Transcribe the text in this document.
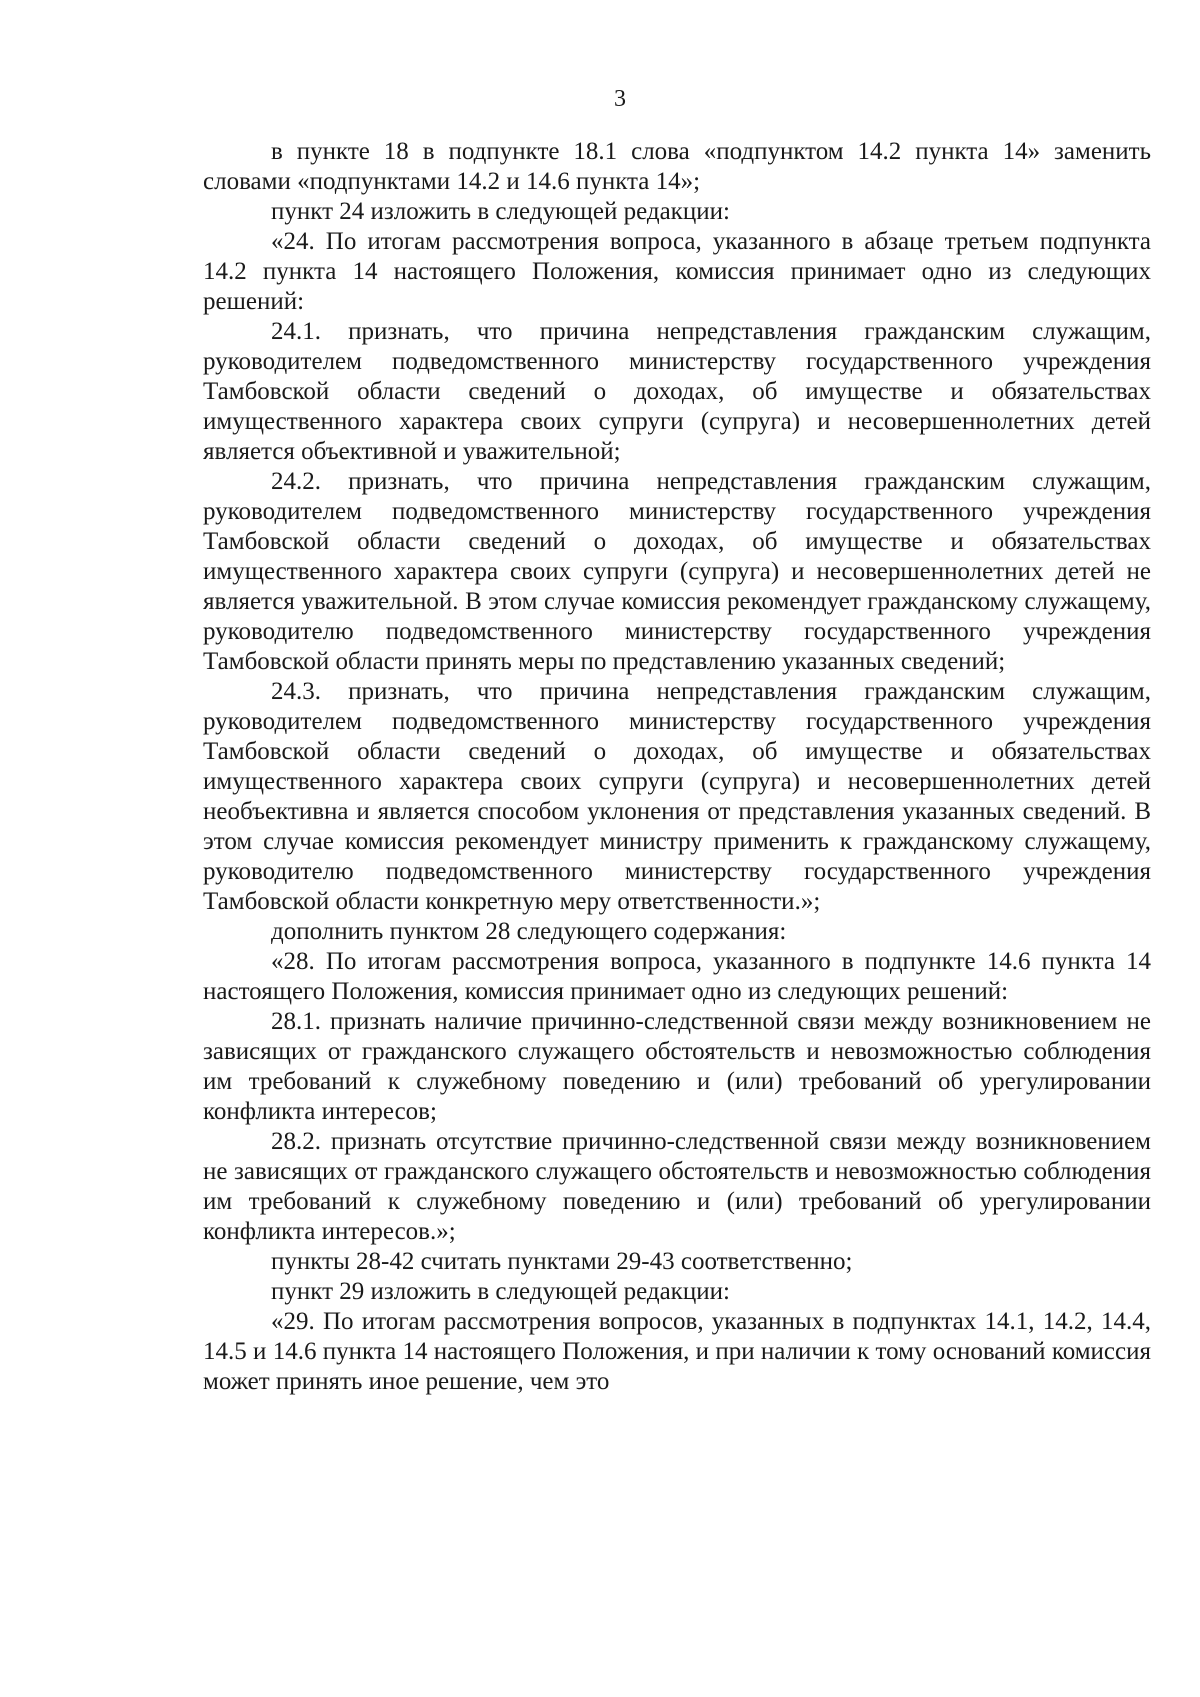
3

в пункте 18 в подпункте 18.1 слова «подпунктом 14.2 пункта 14» заменить словами «подпунктами 14.2 и 14.6 пункта 14»;

пункт 24 изложить в следующей редакции:

«24. По итогам рассмотрения вопроса, указанного в абзаце третьем подпункта 14.2 пункта 14 настоящего Положения, комиссия принимает одно из следующих решений:

24.1. признать, что причина непредставления гражданским служащим, руководителем подведомственного министерству государственного учреждения Тамбовской области сведений о доходах, об имуществе и обязательствах имущественного характера своих супруги (супруга) и несовершеннолетних детей является объективной и уважительной;

24.2. признать, что причина непредставления гражданским служащим, руководителем подведомственного министерству государственного учреждения Тамбовской области сведений о доходах, об имуществе и обязательствах имущественного характера своих супруги (супруга) и несовершеннолетних детей не является уважительной. В этом случае комиссия рекомендует гражданскому служащему, руководителю подведомственного министерству государственного учреждения Тамбовской области принять меры по представлению указанных сведений;

24.3. признать, что причина непредставления гражданским служащим, руководителем подведомственного министерству государственного учреждения Тамбовской области сведений о доходах, об имуществе и обязательствах имущественного характера своих супруги (супруга) и несовершеннолетних детей необъективна и является способом уклонения от представления указанных сведений. В этом случае комиссия рекомендует министру применить к гражданскому служащему, руководителю подведомственного министерству государственного учреждения Тамбовской области конкретную меру ответственности.»;

дополнить пунктом 28 следующего содержания:

«28. По итогам рассмотрения вопроса, указанного в подпункте 14.6 пункта 14 настоящего Положения, комиссия принимает одно из следующих решений:

28.1. признать наличие причинно-следственной связи между возникновением не зависящих от гражданского служащего обстоятельств и невозможностью соблюдения им требований к служебному поведению и (или) требований об урегулировании конфликта интересов;

28.2. признать отсутствие причинно-следственной связи между возникновением не зависящих от гражданского служащего обстоятельств и невозможностью соблюдения им требований к служебному поведению и (или) требований об урегулировании конфликта интересов.»;

пункты 28-42 считать пунктами 29-43 соответственно;

пункт 29 изложить в следующей редакции:

«29. По итогам рассмотрения вопросов, указанных в подпунктах 14.1, 14.2, 14.4, 14.5 и 14.6 пункта 14 настоящего Положения, и при наличии к тому оснований комиссия может принять иное решение, чем это
